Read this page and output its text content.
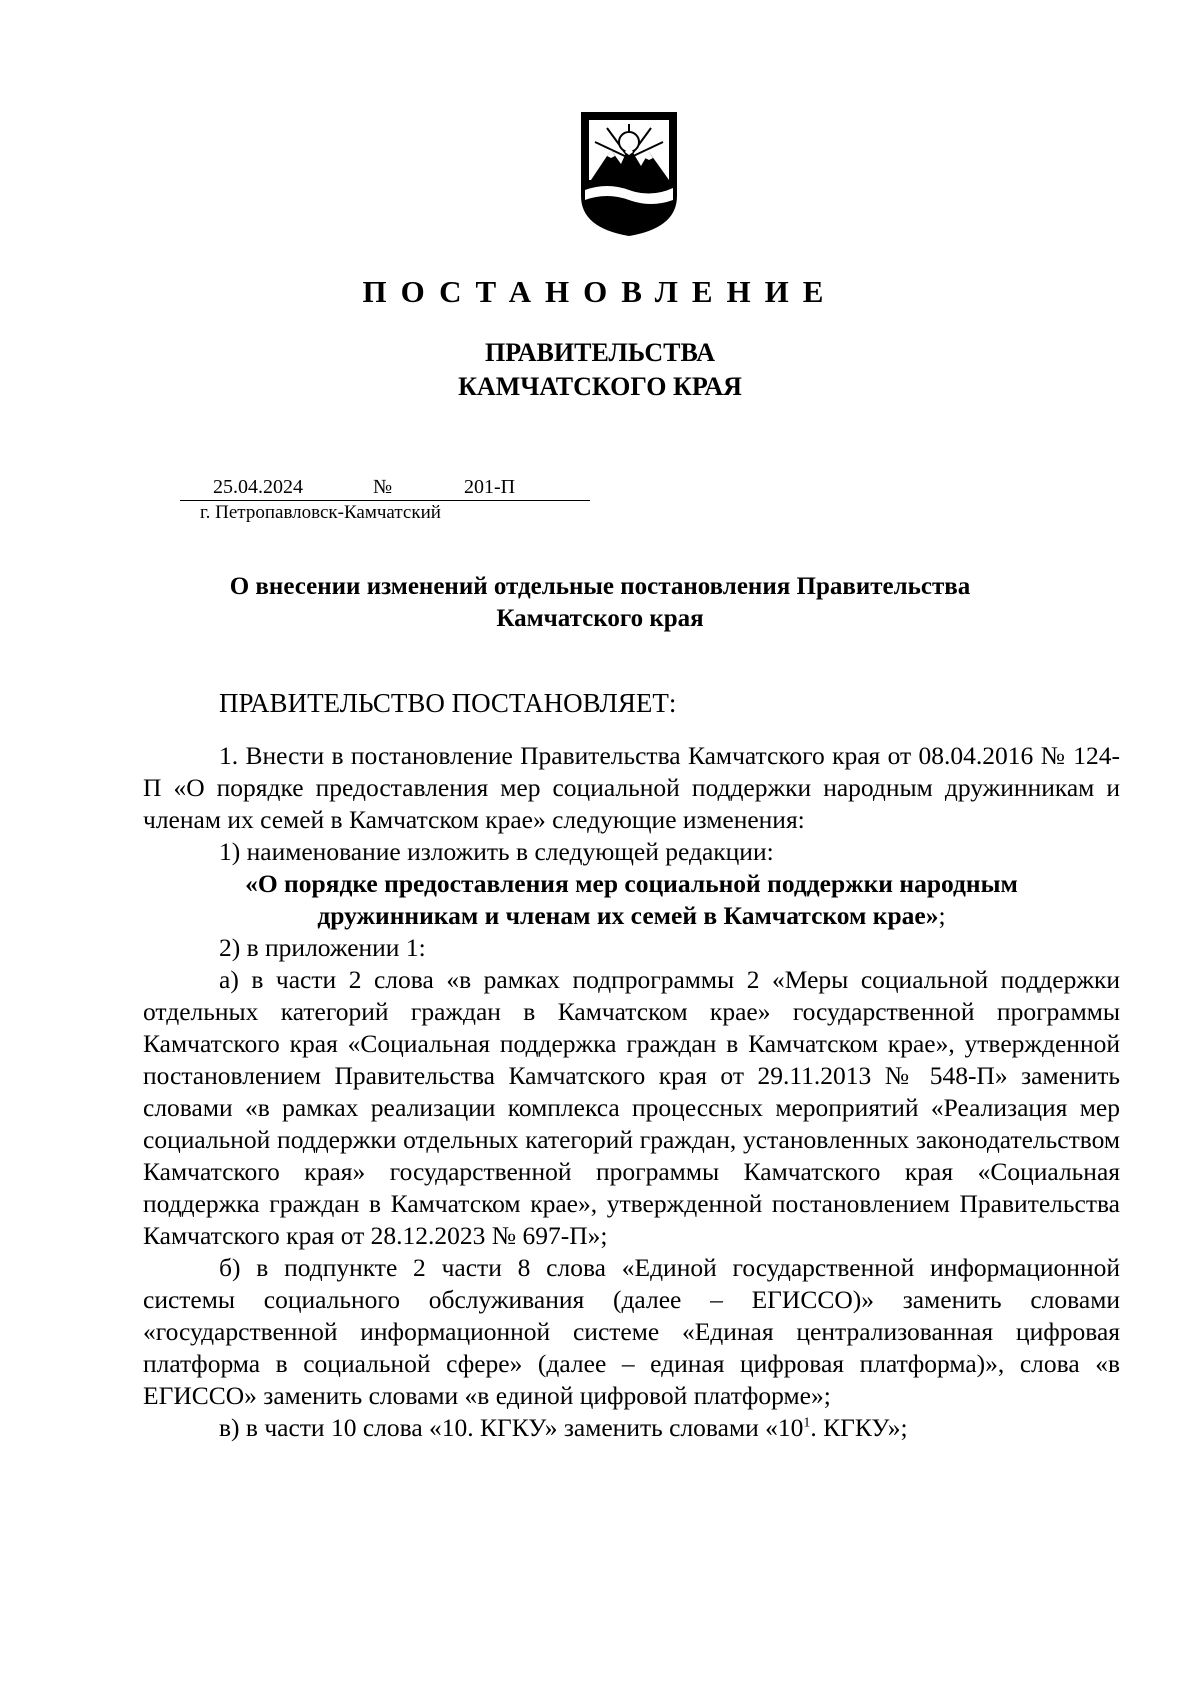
ПОСТАНОВЛЕНИЕ
ПРАВИТЕЛЬСТВА
КАМЧАТСКОГО КРАЯ
25.04.2024	№	201-П
г. Петропавловск-Камчатский
О внесении изменений отдельные постановления Правительства
Камчатского края
ПРАВИТЕЛЬСТВО ПОСТАНОВЛЯЕТ:

1. Внести в постановление Правительства Камчатского края от 08.04.2016 № 124-П «О порядке предоставления мер социальной поддержки народным дружинникам и членам их семей в Камчатском крае» следующие изменения:

1) наименование изложить в следующей редакции:

«О порядке предоставления мер социальной поддержки народным дружинникам и членам их семей в Камчатском крае»;

2) в приложении 1:

а) в части 2 слова «в рамках подпрограммы 2 «Меры социальной поддержки отдельных категорий граждан в Камчатском крае» государственной программы Камчатского края «Социальная поддержка граждан в Камчатском крае», утвержденной постановлением Правительства Камчатского края от 29.11.2013 № 548-П» заменить словами «в рамках реализации комплекса процессных мероприятий «Реализация мер социальной поддержки отдельных категорий граждан, установленных законодательством Камчатского края» государственной программы Камчатского края «Социальная поддержка граждан в Камчатском крае», утвержденной постановлением Правительства Камчатского края от 28.12.2023 № 697-П»;

б) в подпункте 2 части 8 слова «Единой государственной информационной системы социального обслуживания (далее – ЕГИССО)» заменить словами «государственной информационной системе «Единая централизованная цифровая платформа в социальной сфере» (далее – единая цифровая платформа)», слова «в ЕГИССО» заменить словами «в единой цифровой платформе»;

в) в части 10 слова «10. КГКУ» заменить словами «$10^1$. КГКУ»;
